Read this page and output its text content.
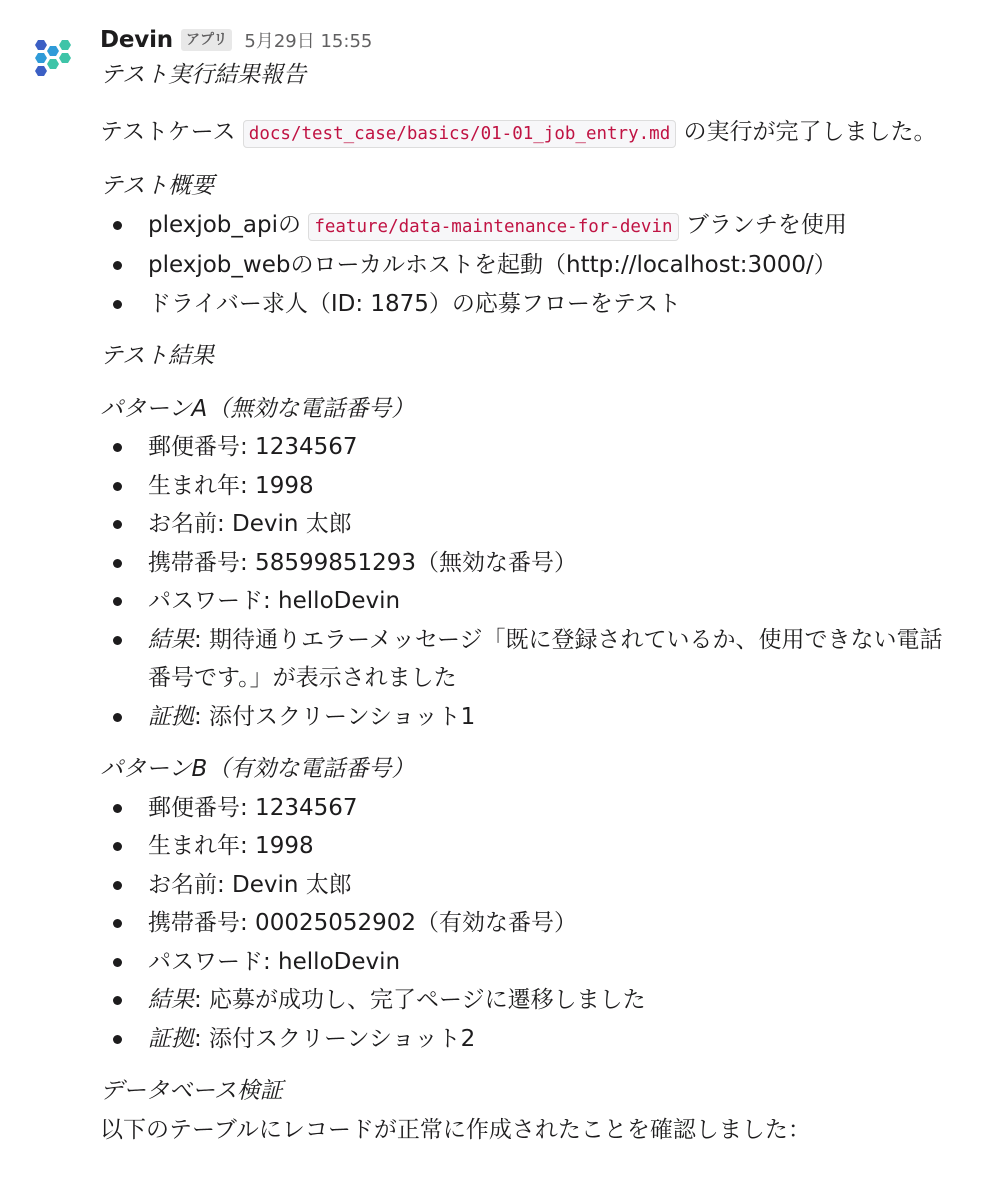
Devin アプリ 5月29日 15:55

テスト実行結果報告

テストケース docs/test_case/basics/01-01_job_entry.md の実行が完了しました。

テスト概要

plexjob_apiの feature/data-maintenance-for-devin ブランチを使用
plexjob_webのローカルホストを起動（http://localhost:3000/）
ドライバー求人（ID: 1875）の応募フローをテスト

テスト結果

パターンA（無効な電話番号）

郵便番号: 1234567
生まれ年: 1998
お名前: Devin 太郎
携帯番号: 58599851293（無効な番号）
パスワード: helloDevin
結果: 期待通りエラーメッセージ「既に登録されているか、使用できない電話番号です。」が表示されました
証拠: 添付スクリーンショット1

パターンB（有効な電話番号）

郵便番号: 1234567
生まれ年: 1998
お名前: Devin 太郎
携帯番号: 00025052902（有効な番号）
パスワード: helloDevin
結果: 応募が成功し、完了ページに遷移しました
証拠: 添付スクリーンショット2

データベース検証

以下のテーブルにレコードが正常に作成されたことを確認しました：
